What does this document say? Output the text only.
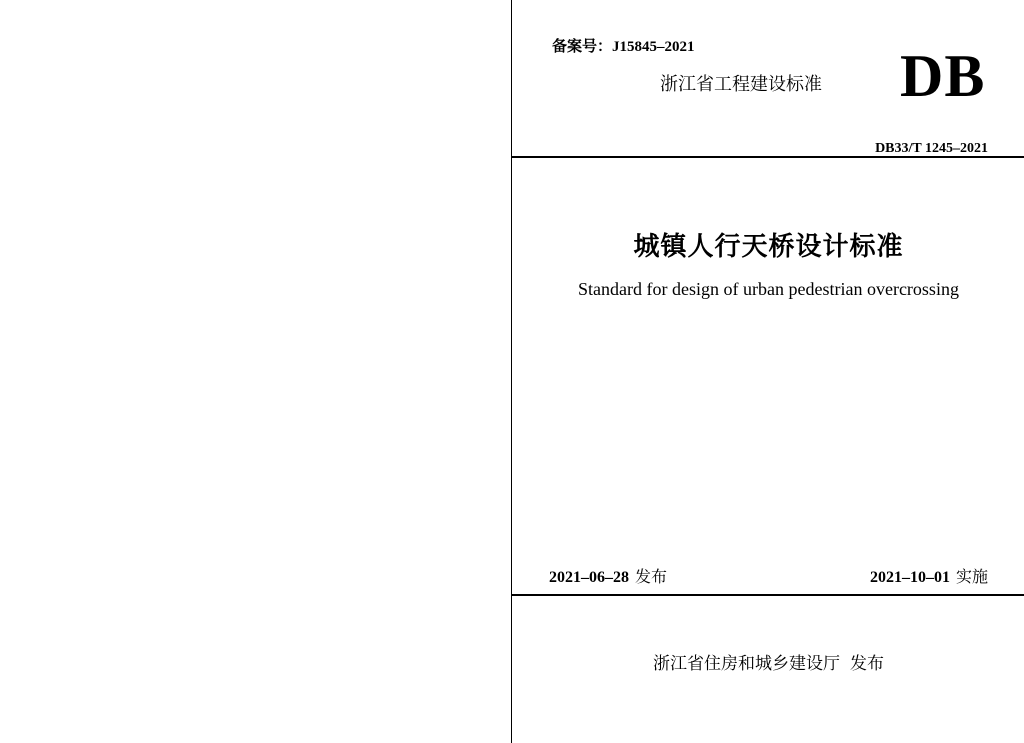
备案号：J15845–2021
浙江省工程建设标准 DB
DB33/T 1245–2021
城镇人行天桥设计标准
Standard for design of urban pedestrian overcrossing
2021–06–28 发布	2021–10–01 实施
浙江省住房和城乡建设厅 发布
